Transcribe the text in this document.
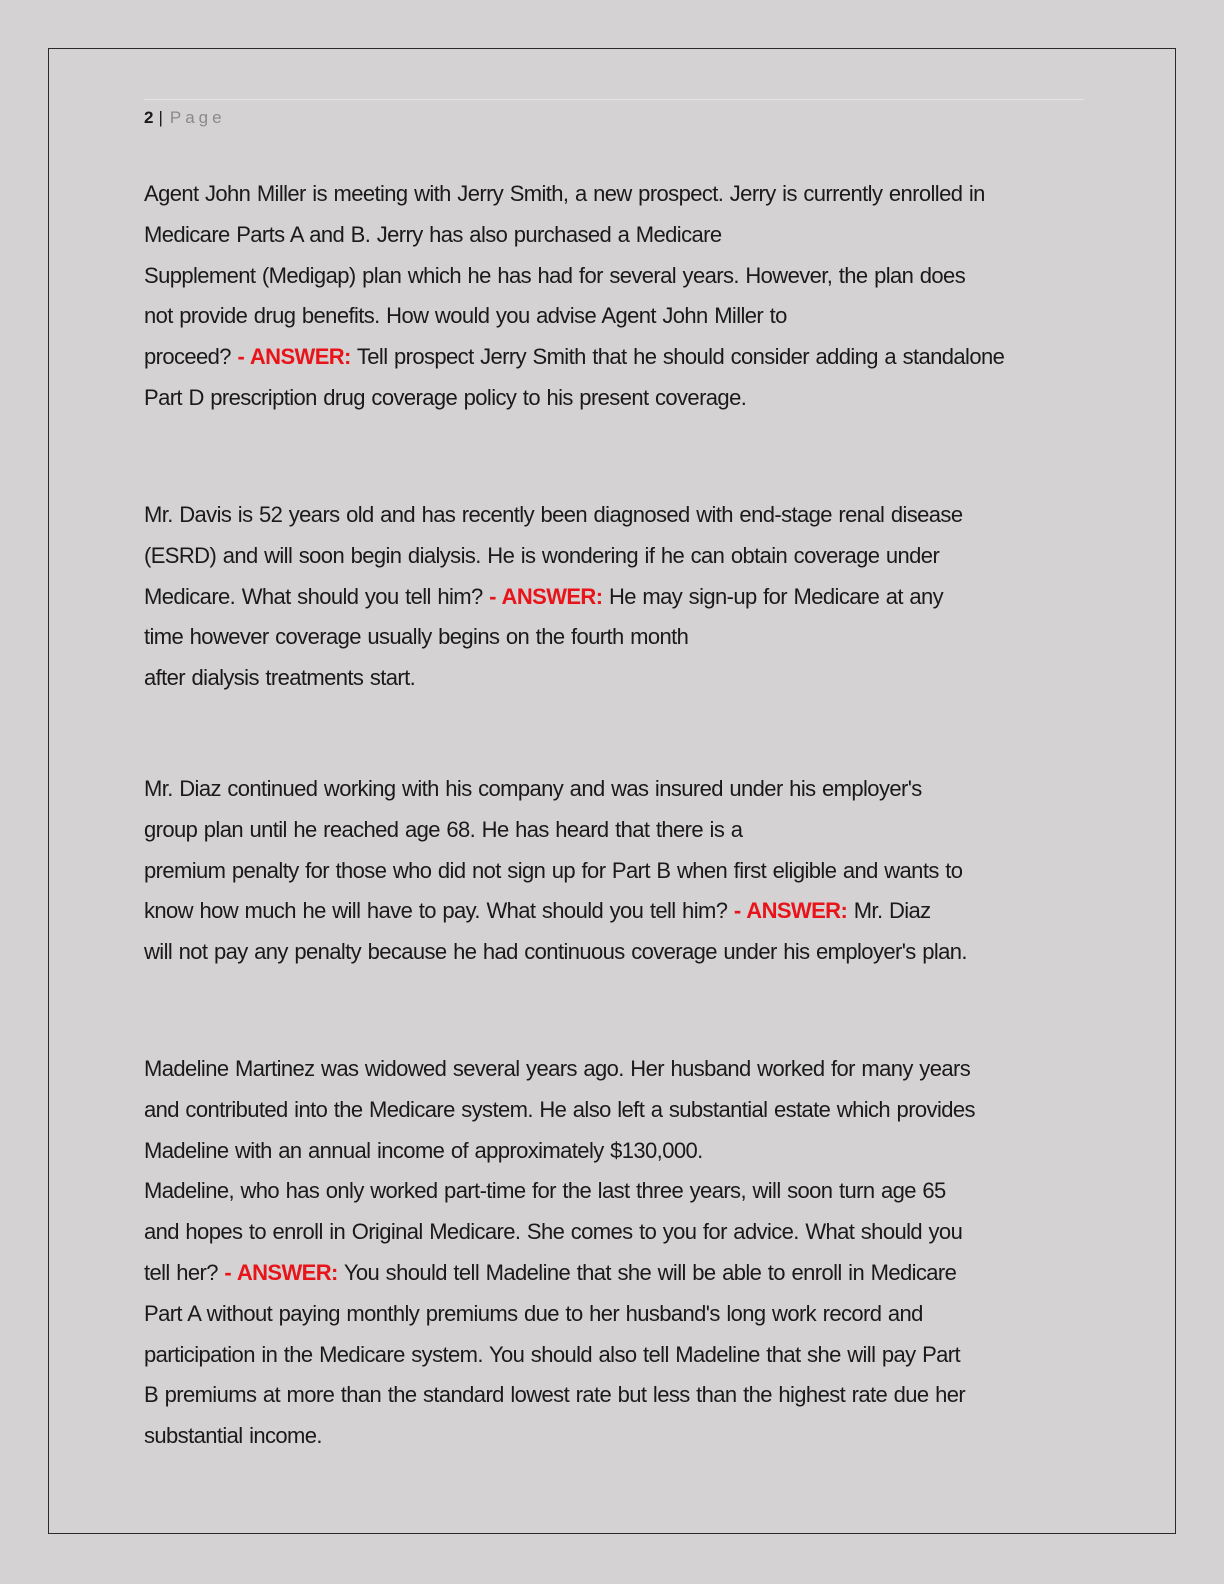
2 | Page
Agent John Miller is meeting with Jerry Smith, a new prospect. Jerry is currently enrolled in
Medicare Parts A and B. Jerry has also purchased a Medicare
Supplement (Medigap) plan which he has had for several years. However, the plan does
not provide drug benefits. How would you advise Agent John Miller to
proceed? - ANSWER: Tell prospect Jerry Smith that he should consider adding a standalone
Part D prescription drug coverage policy to his present coverage.
Mr. Davis is 52 years old and has recently been diagnosed with end-stage renal disease
(ESRD) and will soon begin dialysis. He is wondering if he can obtain coverage under
Medicare. What should you tell him? - ANSWER: He may sign-up for Medicare at any
time however coverage usually begins on the fourth month
after dialysis treatments start.
Mr. Diaz continued working with his company and was insured under his employer's
group plan until he reached age 68. He has heard that there is a
premium penalty for those who did not sign up for Part B when first eligible and wants to
know how much he will have to pay. What should you tell him? - ANSWER: Mr. Diaz
will not pay any penalty because he had continuous coverage under his employer's plan.
Madeline Martinez was widowed several years ago. Her husband worked for many years
and contributed into the Medicare system. He also left a substantial estate which provides
Madeline with an annual income of approximately $130,000.
Madeline, who has only worked part-time for the last three years, will soon turn age 65
and hopes to enroll in Original Medicare. She comes to you for advice. What should you
tell her? - ANSWER: You should tell Madeline that she will be able to enroll in Medicare
Part A without paying monthly premiums due to her husband's long work record and
participation in the Medicare system. You should also tell Madeline that she will pay Part
B premiums at more than the standard lowest rate but less than the highest rate due her
substantial income.
